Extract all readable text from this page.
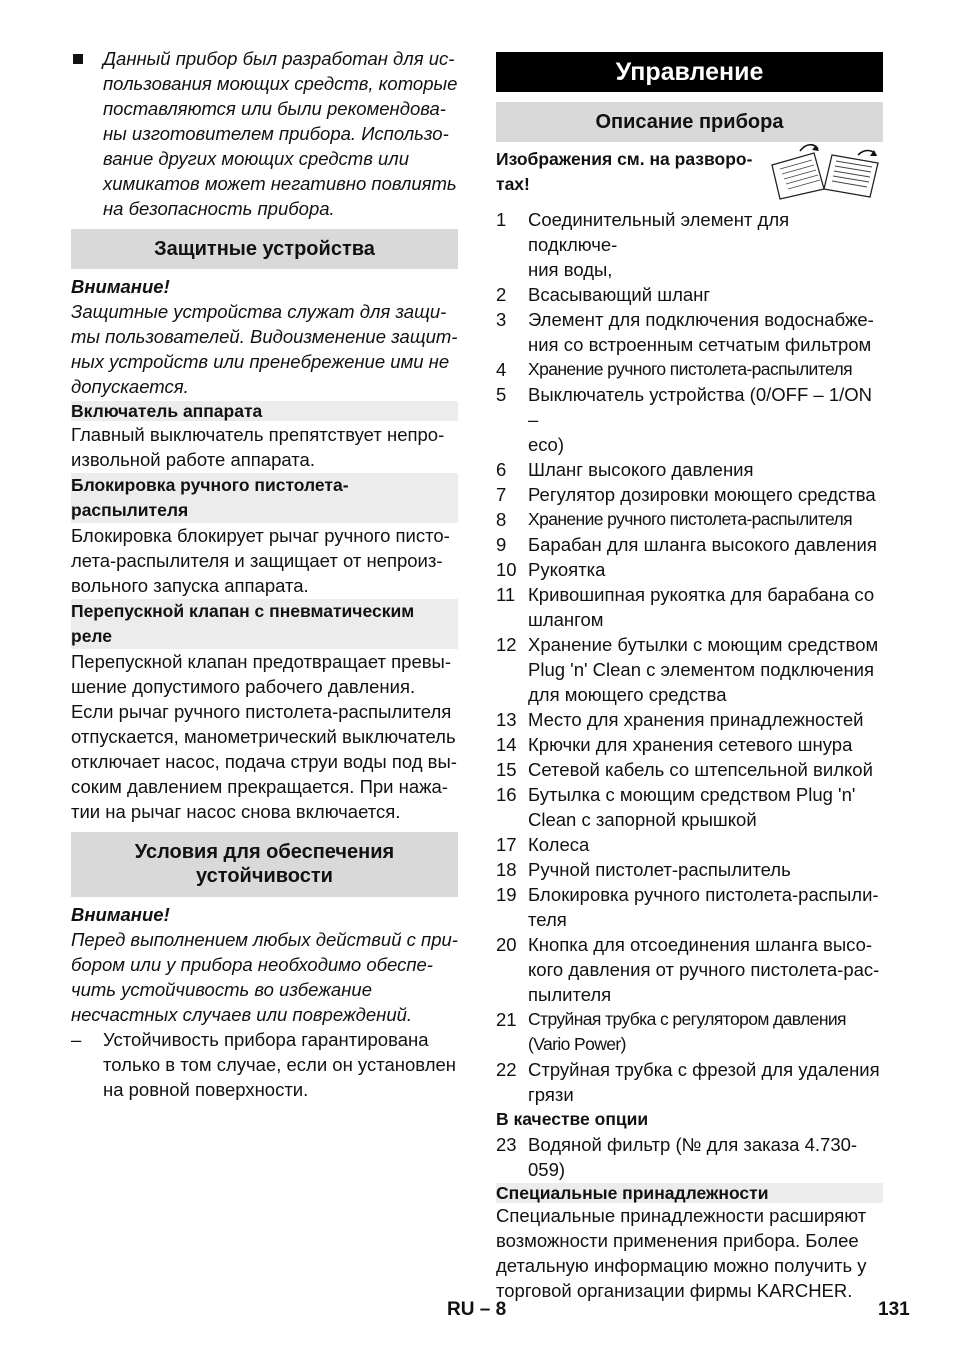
Данный прибор был разработан для ис-
пользования моющих средств, которые
поставляются или были рекомендова-
ны изготовителем прибора. Использо-
вание других моющих средств или
химикатов может негативно повлиять
на безопасность прибора.
Защитные устройства

Внимание!

Защитные устройства служат для защи-
ты пользователей. Видоизменение защит-
ных устройств или пренебрежение ими не
допускается.
Включатель аппарата
Главный выключатель препятствует непро-
извольной работе аппарата.
Блокировка ручного пистолета-
распылителя
Блокировка блокирует рычаг ручного писто-
лета-распылителя и защищает от непроиз-
вольного запуска аппарата.
Перепускной клапан с пневматическим
реле
Перепускной клапан предотвращает превы-
шение допустимого рабочего давления.
Если рычаг ручного пистолета-распылителя
отпускается, манометрический выключатель
отключает насос, подача струи воды под вы-
соким давлением прекращается. При нажа-
тии на рычаг насос снова включается.
Условия для обеспечения
устойчивости

Внимание!

Перед выполнением любых действий с при-
бором или у прибора необходимо обеспе-
чить устойчивость во избежание
несчастных случаев или повреждений.
– Устойчивость прибора гарантирована
только в том случае, если он установлен
на ровной поверхности.
Управление
Описание прибора
Изображения см. на разворо-
тах!
1 Соединительный элемент для подключе-
ния воды,
2 Всасывающий шланг
3 Элемент для подключения водоснабже-
ния со встроенным сетчатым фильтром
4 Хранение ручного пистолета-распылителя
5 Выключатель устройства (0/OFF – 1/ON –
eco)
6 Шланг высокого давления
7 Регулятор дозировки моющего средства
8 Хранение ручного пистолета-распылителя
9 Барабан для шланга высокого давления
10 Рукоятка
11 Кривошипная рукоятка для барабана со
шлангом
12 Хранение бутылки с моющим средством
Plug 'n' Clean с элементом подключения
для моющего средства
13 Место для хранения принадлежностей
14 Крючки для хранения сетевого шнура
15 Сетевой кабель со штепсельной вилкой
16 Бутылка с моющим средством Plug 'n'
Clean с запорной крышкой
17 Колеса
18 Ручной пистолет-распылитель
19 Блокировка ручного пистолета-распыли-
теля
20 Кнопка для отсоединения шланга высо-
кого давления от ручного пистолета-рас-
пылителя
21 Струйная трубка с регулятором давления
(Vario Power)
22 Струйная трубка с фрезой для удаления
грязи
В качестве опции
23 Водяной фильтр (№ для заказа 4.730-
059)
Специальные принадлежности
Специальные принадлежности расширяют
возможности применения прибора. Более
детальную информацию можно получить у
торговой организации фирмы KARCHER.
RU – 8	131
